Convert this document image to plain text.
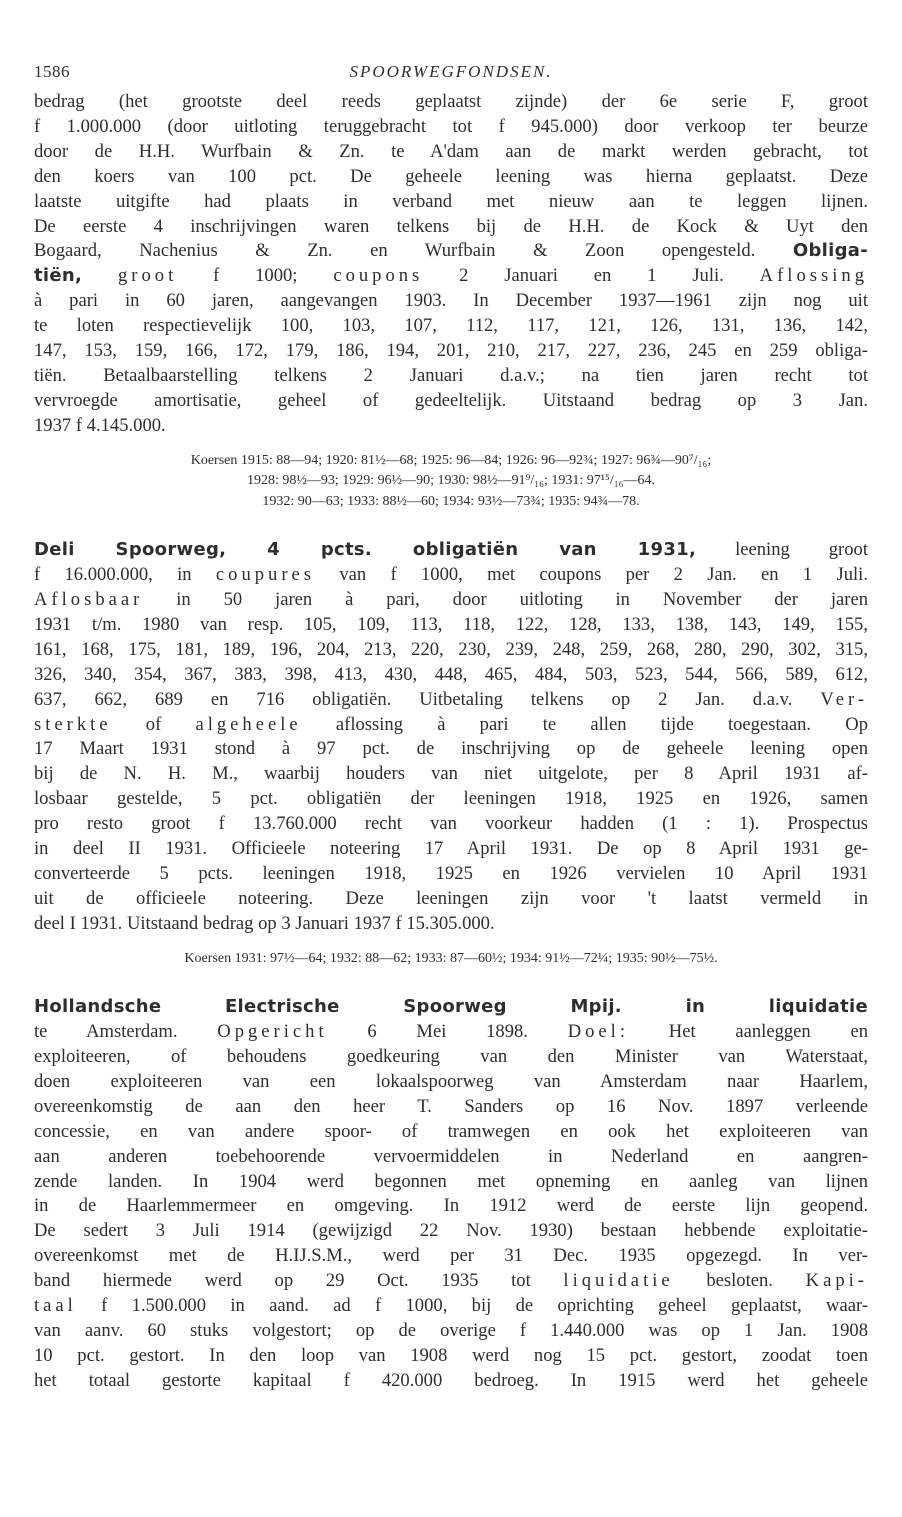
1586	SPOORWEGFONDSEN.

bedrag (het grootste deel reeds geplaatst zijnde) der 6e serie F, groot
f 1.000.000 (door uitloting teruggebracht tot f 945.000) door verkoop ter beurze
door de H.H. Wurfbain & Zn. te A'dam aan de markt werden gebracht, tot
den koers van 100 pct. De geheele leening was hierna geplaatst. Deze
laatste uitgifte had plaats in verband met nieuw aan te leggen lijnen.
De eerste 4 inschrijvingen waren telkens bij de H.H. de Kock & Uyt den
Bogaard, Nachenius & Zn. en Wurfbain & Zoon opengesteld. Obliga-
tiën, groot f 1000; coupons 2 Januari en 1 Juli. Aflossing
à pari in 60 jaren, aangevangen 1903. In December 1937—1961 zijn nog uit
te loten respectievelijk 100, 103, 107, 112, 117, 121, 126, 131, 136, 142,
147, 153, 159, 166, 172, 179, 186, 194, 201, 210, 217, 227, 236, 245 en 259 obliga-
tiën. Betaalbaarstelling telkens 2 Januari d.a.v.; na tien jaren recht tot
vervroegde amortisatie, geheel of gedeeltelijk. Uitstaand bedrag op 3 Jan.
1937 f 4.145.000.

Koersen 1915: 88—94; 1920: 81½—68; 1925: 96—84; 1926: 96—92¾; 1927: 96¾—90⁷/₁₆;
1928: 98½—93; 1929: 96½—90; 1930: 98½—91⁹/₁₆; 1931: 97¹⁵/₁₆—64.
1932: 90—63; 1933: 88½—60; 1934: 93½—73¾; 1935: 94¾—78.

Deli Spoorweg, 4 pcts. obligatiën van 1931, leening groot
f 16.000.000, in coupures van f 1000, met coupons per 2 Jan. en 1 Juli.
Aflosbaar in 50 jaren à pari, door uitloting in November der jaren
1931 t/m. 1980 van resp. 105, 109, 113, 118, 122, 128, 133, 138, 143, 149, 155,
161, 168, 175, 181, 189, 196, 204, 213, 220, 230, 239, 248, 259, 268, 280, 290, 302, 315,
326, 340, 354, 367, 383, 398, 413, 430, 448, 465, 484, 503, 523, 544, 566, 589, 612,
637, 662, 689 en 716 obligatiën. Uitbetaling telkens op 2 Jan. d.a.v. Ver-
sterkte of algeheele aflossing à pari te allen tijde toegestaan. Op
17 Maart 1931 stond à 97 pct. de inschrijving op de geheele leening open
bij de N. H. M., waarbij houders van niet uitgelote, per 8 April 1931 af-
losbaar gestelde, 5 pct. obligatiën der leeningen 1918, 1925 en 1926, samen
pro resto groot f 13.760.000 recht van voorkeur hadden (1 : 1). Prospectus
in deel II 1931. Officieele noteering 17 April 1931. De op 8 April 1931 ge-
converteerde 5 pcts. leeningen 1918, 1925 en 1926 vervielen 10 April 1931
uit de officieele noteering. Deze leeningen zijn voor 't laatst vermeld in
deel I 1931. Uitstaand bedrag op 3 Januari 1937 f 15.305.000.

Koersen 1931: 97½—64; 1932: 88—62; 1933: 87—60½; 1934: 91½—72¼; 1935: 90½—75½.

Hollandsche Electrische Spoorweg Mpij. in liquidatie
te Amsterdam. Opgericht 6 Mei 1898. Doel: Het aanleggen en
exploiteeren, of behoudens goedkeuring van den Minister van Waterstaat,
doen exploiteeren van een lokaalspoorweg van Amsterdam naar Haarlem,
overeenkomstig de aan den heer T. Sanders op 16 Nov. 1897 verleende
concessie, en van andere spoor- of tramwegen en ook het exploiteeren van
aan anderen toebehoorende vervoermiddelen in Nederland en aangren-
zende landen. In 1904 werd begonnen met opneming en aanleg van lijnen
in de Haarlemmermeer en omgeving. In 1912 werd de eerste lijn geopend.
De sedert 3 Juli 1914 (gewijzigd 22 Nov. 1930) bestaan hebbende exploitatie-
overeenkomst met de H.IJ.S.M., werd per 31 Dec. 1935 opgezegd. In ver-
band hiermede werd op 29 Oct. 1935 tot liquidatie besloten. Kapi-
taal f 1.500.000 in aand. ad f 1000, bij de oprichting geheel geplaatst, waar-
van aanv. 60 stuks volgestort; op de overige f 1.440.000 was op 1 Jan. 1908
10 pct. gestort. In den loop van 1908 werd nog 15 pct. gestort, zoodat toen
het totaal gestorte kapitaal f 420.000 bedroeg. In 1915 werd het geheele
